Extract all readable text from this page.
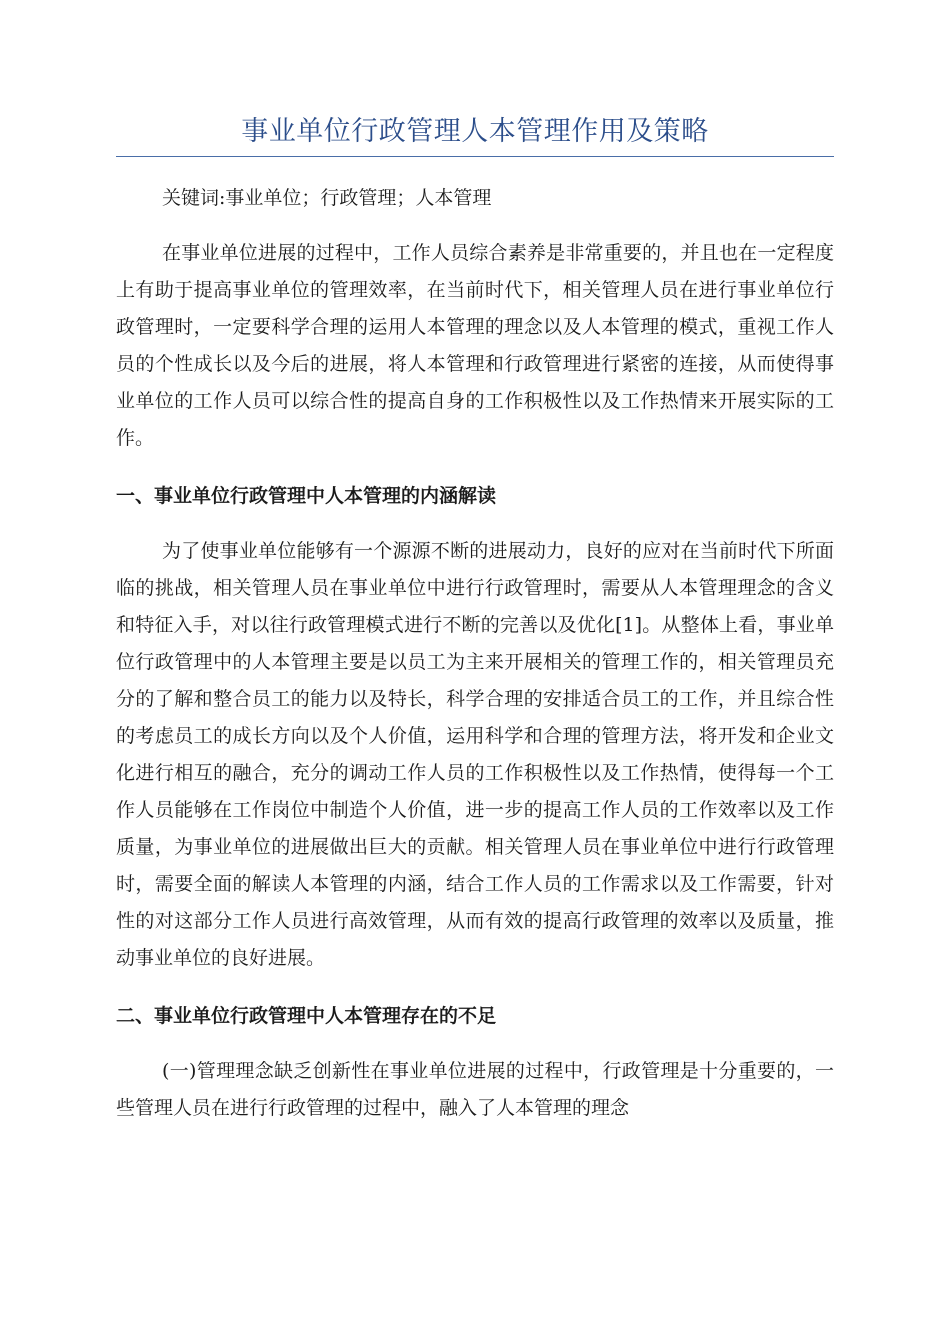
事业单位行政管理人本管理作用及策略

关键词:事业单位；行政管理；人本管理

在事业单位进展的过程中，工作人员综合素养是非常重要的，并且也在一定程度上有助于提高事业单位的管理效率，在当前时代下，相关管理人员在进行事业单位行政管理时，一定要科学合理的运用人本管理的理念以及人本管理的模式，重视工作人员的个性成长以及今后的进展，将人本管理和行政管理进行紧密的连接，从而使得事业单位的工作人员可以综合性的提高自身的工作积极性以及工作热情来开展实际的工作。

一、事业单位行政管理中人本管理的内涵解读

为了使事业单位能够有一个源源不断的进展动力，良好的应对在当前时代下所面临的挑战，相关管理人员在事业单位中进行行政管理时，需要从人本管理理念的含义和特征入手，对以往行政管理模式进行不断的完善以及优化[1]。从整体上看，事业单位行政管理中的人本管理主要是以员工为主来开展相关的管理工作的，相关管理员充分的了解和整合员工的能力以及特长，科学合理的安排适合员工的工作，并且综合性的考虑员工的成长方向以及个人价值，运用科学和合理的管理方法，将开发和企业文化进行相互的融合，充分的调动工作人员的工作积极性以及工作热情，使得每一个工作人员能够在工作岗位中制造个人价值，进一步的提高工作人员的工作效率以及工作质量，为事业单位的进展做出巨大的贡献。相关管理人员在事业单位中进行行政管理时，需要全面的解读人本管理的内涵，结合工作人员的工作需求以及工作需要，针对性的对这部分工作人员进行高效管理，从而有效的提高行政管理的效率以及质量，推动事业单位的良好进展。

二、事业单位行政管理中人本管理存在的不足

(一)管理理念缺乏创新性在事业单位进展的过程中，行政管理是十分重要的，一些管理人员在进行行政管理的过程中，融入了人本管理的理念
